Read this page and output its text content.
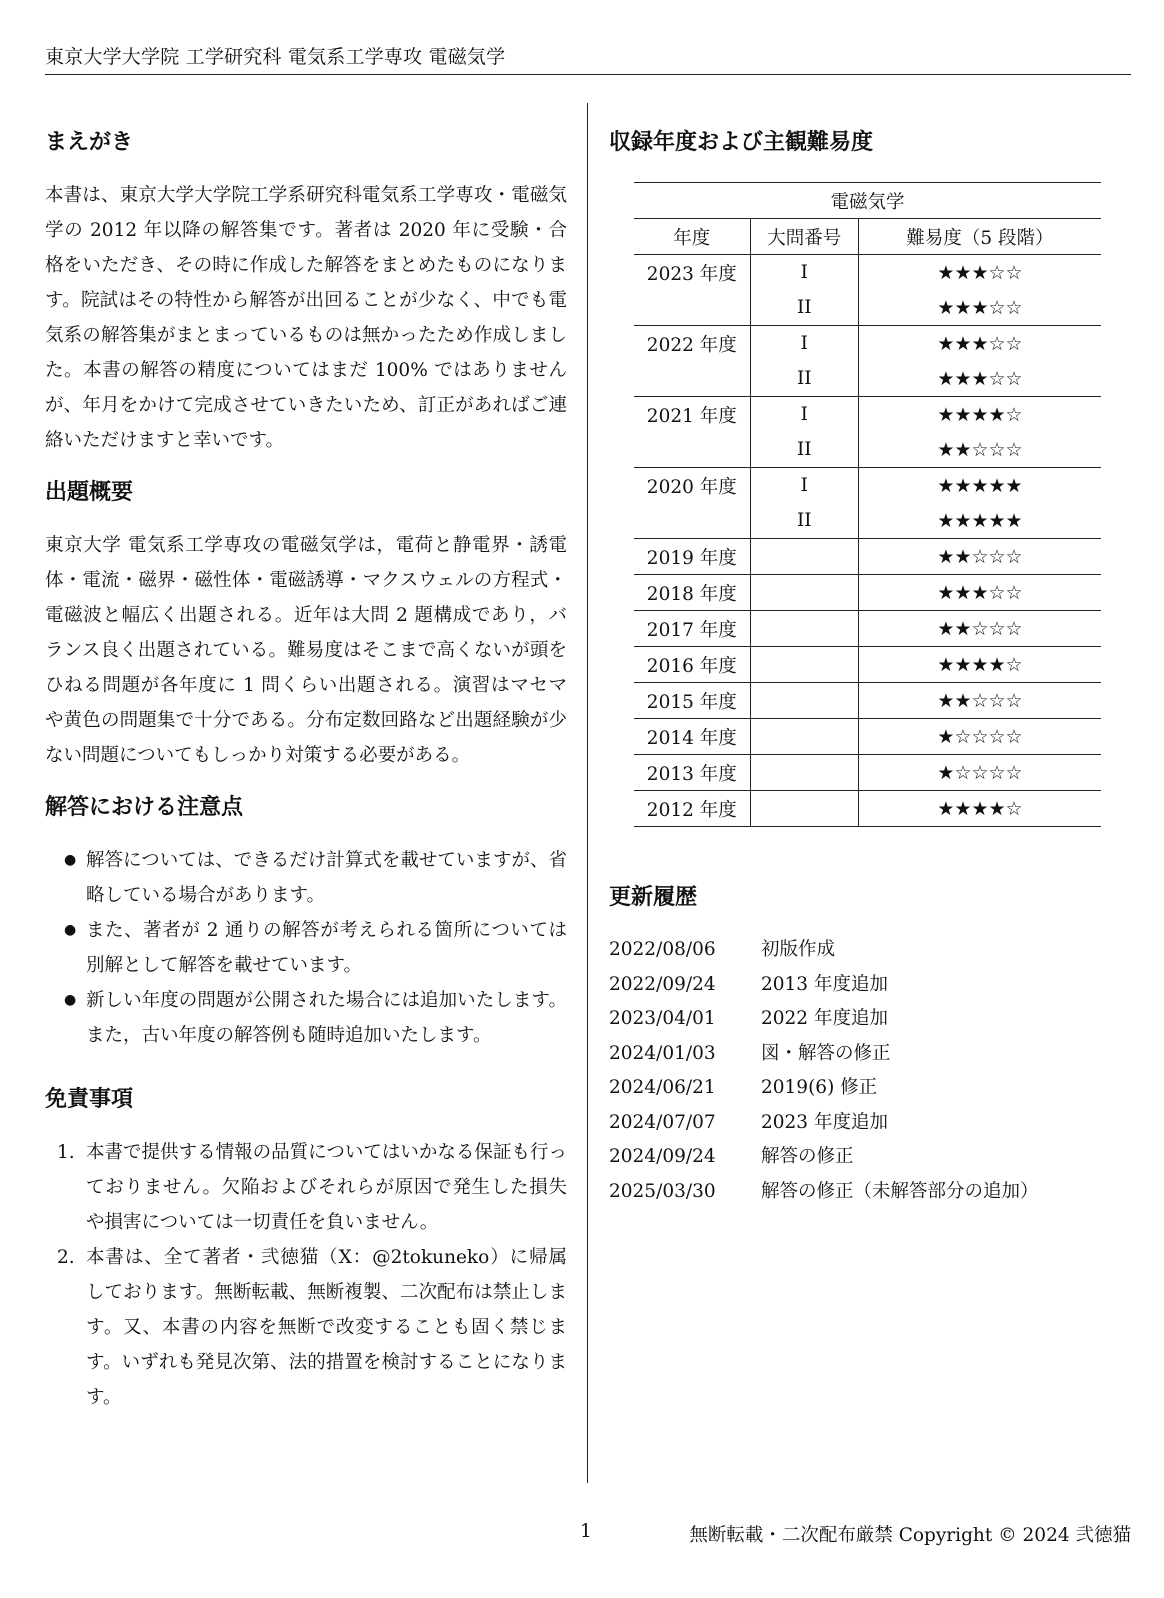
東京大学大学院 工学研究科 電気系工学専攻 電磁気学
まえがき

本書は、東京大学大学院工学系研究科電気系工学専攻・電磁気学の 2012 年以降の解答集です。著者は 2020 年に受験・合格をいただき、その時に作成した解答をまとめたものになります。院試はその特性から解答が出回ることが少なく、中でも電気系の解答集がまとまっているものは無かったため作成しました。本書の解答の精度についてはまだ 100% ではありませんが、年月をかけて完成させていきたいため、訂正があればご連絡いただけますと幸いです。

出題概要

東京大学 電気系工学専攻の電磁気学は，電荷と静電界・誘電体・電流・磁界・磁性体・電磁誘導・マクスウェルの方程式・電磁波と幅広く出題される。近年は大問 2 題構成であり，バランス良く出題されている。難易度はそこまで高くないが頭をひねる問題が各年度に 1 問くらい出題される。演習はマセマや黄色の問題集で十分である。分布定数回路など出題経験が少ない問題についてもしっかり対策する必要がある。

解答における注意点
● 解答については、できるだけ計算式を載せていますが、省略している場合があります。
● また、著者が 2 通りの解答が考えられる箇所については別解として解答を載せています。
● 新しい年度の問題が公開された場合には追加いたします。また，古い年度の解答例も随時追加いたします。
免責事項
1. 本書で提供する情報の品質についてはいかなる保証も行っておりません。欠陥およびそれらが原因で発生した損失や損害については一切責任を負いません。
2. 本書は、全て著者・弐徳猫（X：@2tokuneko）に帰属しております。無断転載、無断複製、二次配布は禁止します。又、本書の内容を無断で改変することも固く禁じます。いずれも発見次第、法的措置を検討することになります。
収録年度および主観難易度
電磁気学		
年度	大問番号	難易度（5 段階）
2023 年度	I	★★★☆☆
	II	★★★☆☆
2022 年度	I	★★★☆☆
	II	★★★☆☆
2021 年度	I	★★★★☆
	II	★★☆☆☆
2020 年度	I	★★★★★
	II	★★★★★
2019 年度		★★☆☆☆
2018 年度		★★★☆☆
2017 年度		★★☆☆☆
2016 年度		★★★★☆
2015 年度		★★☆☆☆
2014 年度		★☆☆☆☆
2013 年度		★☆☆☆☆
2012 年度		★★★★☆
更新履歴
2022/08/06	初版作成
2022/09/24	2013 年度追加
2023/04/01	2022 年度追加
2024/01/03	図・解答の修正
2024/06/21	2019(6) 修正
2024/07/07	2023 年度追加
2024/09/24	解答の修正
2025/03/30	解答の修正（未解答部分の追加）
1	無断転載・二次配布厳禁 Copyright © 2024 弐徳猫
